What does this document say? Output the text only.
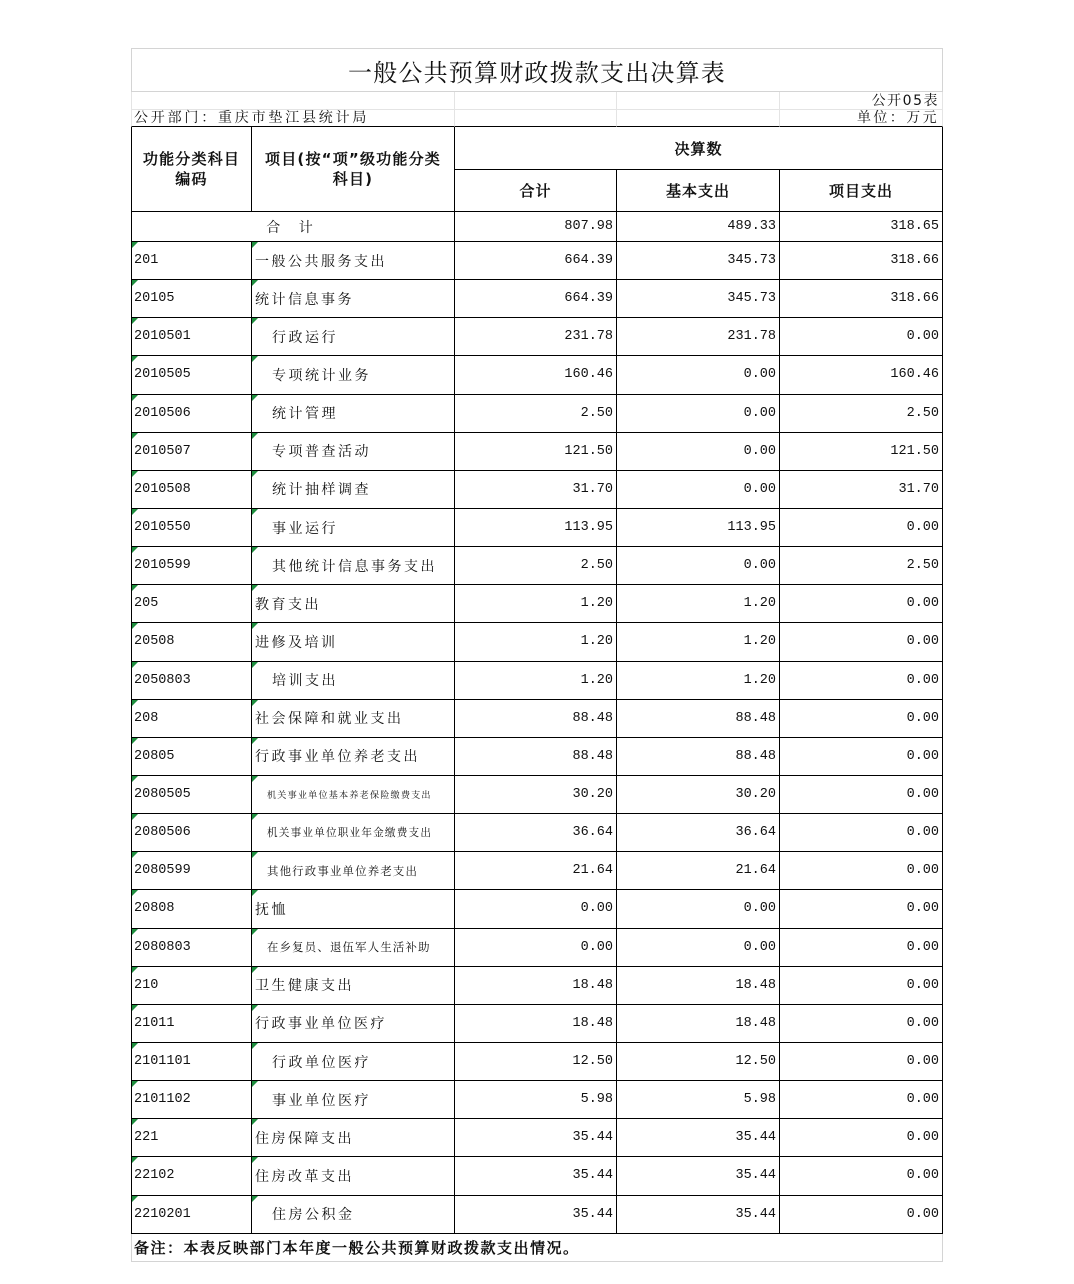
一般公共预算财政拨款支出决算表
公开05表
公开部门：重庆市垫江县统计局	单位：万元
功能分类科目
编码
项目(按“项”级功能分类
科目)
决算数
合计	基本支出	项目支出
合 计	807.98	489.33	318.65
201	一般公共服务支出	664.39	345.73	318.66
20105	统计信息事务	664.39	345.73	318.66
2010501	行政运行	231.78	231.78	0.00
2010505	专项统计业务	160.46	0.00	160.46
2010506	统计管理	2.50	0.00	2.50
2010507	专项普查活动	121.50	0.00	121.50
2010508	统计抽样调查	31.70	0.00	31.70
2010550	事业运行	113.95	113.95	0.00
2010599	其他统计信息事务支出	2.50	0.00	2.50
205	教育支出	1.20	1.20	0.00
20508	进修及培训	1.20	1.20	0.00
2050803	培训支出	1.20	1.20	0.00
208	社会保障和就业支出	88.48	88.48	0.00
20805	行政事业单位养老支出	88.48	88.48	0.00
2080505	机关事业单位基本养老保险缴费支出	30.20	30.20	0.00
2080506	机关事业单位职业年金缴费支出	36.64	36.64	0.00
2080599	其他行政事业单位养老支出	21.64	21.64	0.00
20808	抚恤	0.00	0.00	0.00
2080803	在乡复员、退伍军人生活补助	0.00	0.00	0.00
210	卫生健康支出	18.48	18.48	0.00
21011	行政事业单位医疗	18.48	18.48	0.00
2101101	行政单位医疗	12.50	12.50	0.00
2101102	事业单位医疗	5.98	5.98	0.00
221	住房保障支出	35.44	35.44	0.00
22102	住房改革支出	35.44	35.44	0.00
2210201	住房公积金	35.44	35.44	0.00
备注：本表反映部门本年度一般公共预算财政拨款支出情况。
